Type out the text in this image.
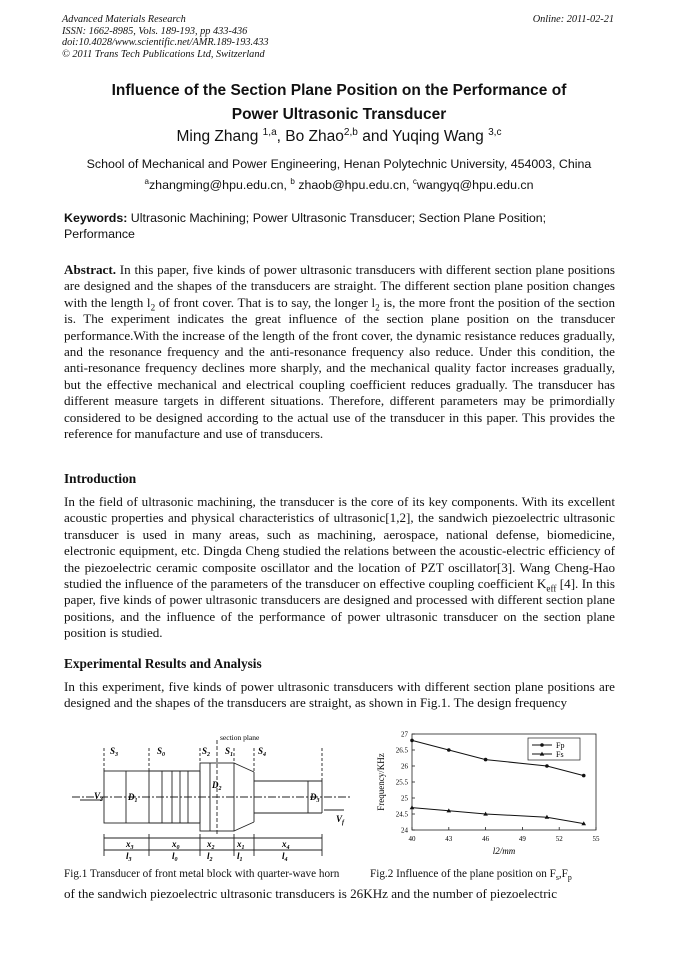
Advanced Materials Research
ISSN: 1662-8985, Vols. 189-193, pp 433-436
doi:10.4028/www.scientific.net/AMR.189-193.433
© 2011 Trans Tech Publications Ltd, Switzerland
Online: 2011-02-21
Influence of the Section Plane Position on the Performance of
Power Ultrasonic Transducer
Ming Zhang $^{1,a}$, Bo Zhao$^{2,b}$ and Yuqing Wang $^{3,c}$
School of Mechanical and Power Engineering, Henan Polytechnic University, 454003, China
$^a$zhangming@hpu.edu.cn, $^b$ zhaob@hpu.edu.cn, $^c$wangyq@hpu.edu.cn
Keywords: Ultrasonic Machining; Power Ultrasonic Transducer; Section Plane Position; Performance
Abstract. In this paper, five kinds of power ultrasonic transducers with different section plane positions are designed and the shapes of the transducers are straight. The different section plane position changes with the length $l_2$ of front cover. That is to say, the longer $l_2$ is, the more front the position of the section is. The experiment indicates the great influence of the section plane position on the transducer performance.With the increase of the length of the front cover, the dynamic resistance reduces gradually, and the resonance frequency and the anti-resonance frequency also reduce. Under this condition, the anti-resonance frequency declines more sharply, and the mechanical quality factor increases gradually, but the effective mechanical and electrical coupling coefficient reduces gradually. The transducer has different measure targets in different situations. Therefore, different parameters may be primordially considered to be designed according to the actual use of the transducer in this paper. This provides the reference for manufacture and use of transducers.
Introduction
In the field of ultrasonic machining, the transducer is the core of its key components. With its excellent acoustic properties and physical characteristics of ultrasonic[1,2], the sandwich piezoelectric ultrasonic transducer is used in many areas, such as machining, aerospace, national defense, biomedicine, electronic equipment, etc. Dingda Cheng studied the relations between the acoustic-electric efficiency of the piezoelectric ceramic composite oscillator and the location of PZT oscillator[3]. Wang Cheng-Hao studied the influence of the parameters of the transducer on effective coupling coefficient $K_{eff}$ [4]. In this paper, five kinds of power ultrasonic transducers are designed and processed with different section plane positions, and the influence of the performance of power ultrasonic transducer on the section plane position is studied.
Experimental Results and Analysis
In this experiment, five kinds of power ultrasonic transducers with different section plane positions are designed and the shapes of the transducers are straight, as shown in Fig.1. The design frequency
section plane
$S_3$	$S_0$	$S_2$ $S_1$	$S_4$
$V_3$
$V_f$
$D_1$
$D_2$
$D_3$
$x_3$
$l_3$
$x_0$
$l_0$
$x_2$
$l_2$
$x_1$
$l_1$
$x_4$
$l_4$
40	43	46	49	52	55
24
24.5
25
25.5
26
26.5
27
Fp
Fs
Frequency/KHz
l2/mm
Fig.1 Transducer of front metal block with quarter-wave horn	Fig.2 Influence of the plane position on $F_s,F_p$
of the sandwich piezoelectric ultrasonic transducers is 26KHz and the number of piezoelectric
